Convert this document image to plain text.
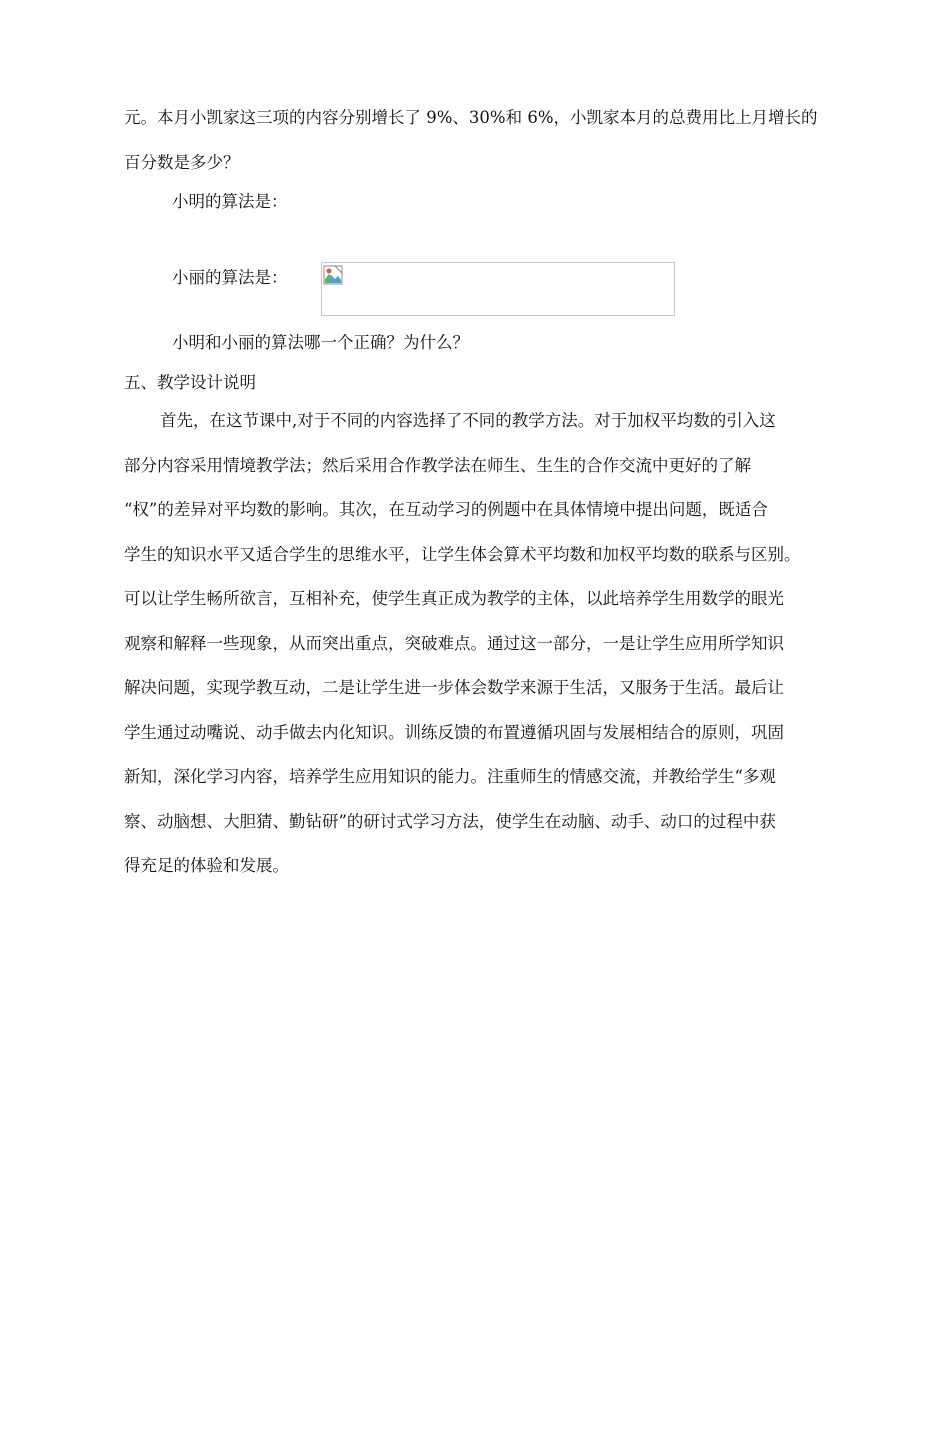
元。本月小凯家这三项的内容分别增长了 9%、30%和 6%，小凯家本月的总费用比上月增长的
百分数是多少？
小明的算法是：
小丽的算法是：
小明和小丽的算法哪一个正确？为什么？
五、教学设计说明
首先，在这节课中,对于不同的内容选择了不同的教学方法。对于加权平均数的引入这
部分内容采用情境教学法；然后采用合作教学法在师生、生生的合作交流中更好的了解
“权”的差异对平均数的影响。其次，在互动学习的例题中在具体情境中提出问题，既适合
学生的知识水平又适合学生的思维水平，让学生体会算术平均数和加权平均数的联系与区别。
可以让学生畅所欲言，互相补充，使学生真正成为教学的主体，以此培养学生用数学的眼光
观察和解释一些现象，从而突出重点，突破难点。通过这一部分，一是让学生应用所学知识
解决问题，实现学教互动，二是让学生进一步体会数学来源于生活，又服务于生活。最后让
学生通过动嘴说、动手做去内化知识。训练反馈的布置遵循巩固与发展相结合的原则，巩固
新知，深化学习内容，培养学生应用知识的能力。注重师生的情感交流，并教给学生“多观
察、动脑想、大胆猜、勤钻研”的研讨式学习方法，使学生在动脑、动手、动口的过程中获
得充足的体验和发展。
